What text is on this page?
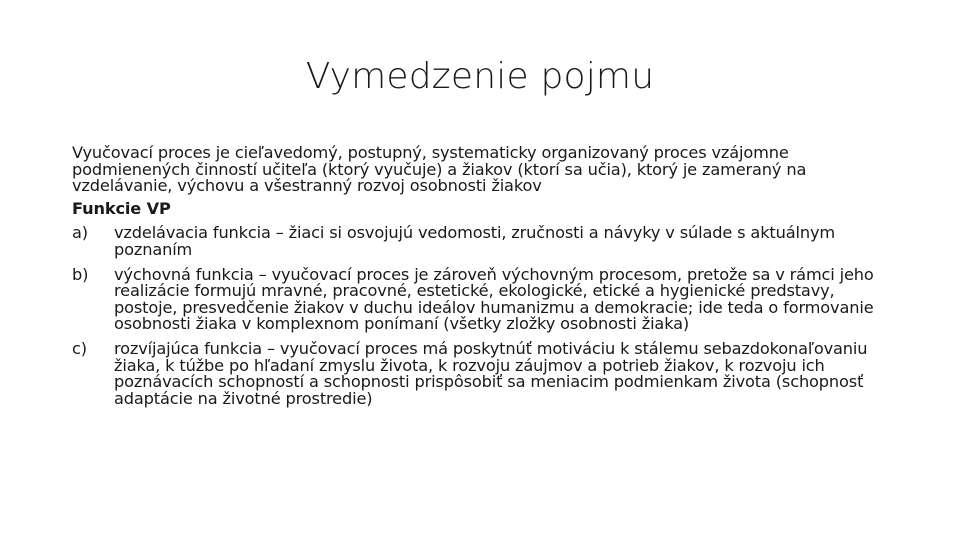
Vymedzenie pojmu

Vyučovací proces je cieľavedomý, postupný, systematicky organizovaný proces vzájomne podmienených činností učiteľa (ktorý vyučuje) a žiakov (ktorí sa učia), ktorý je zameraný na vzdelávanie, výchovu a všestranný rozvoj osobnosti žiakov

Funkcie VP

a)	vzdelávacia funkcia – žiaci si osvojujú vedomosti, zručnosti a návyky v súlade s aktuálnym poznaním
b)	výchovná funkcia – vyučovací proces je zároveň výchovným procesom, pretože sa v rámci jeho realizácie formujú mravné, pracovné, estetické, ekologické, etické a hygienické predstavy, postoje, presvedčenie žiakov v duchu ideálov humanizmu a demokracie; ide teda o formovanie osobnosti žiaka v komplexnom ponímaní (všetky zložky osobnosti žiaka)
c)	rozvíjajúca funkcia – vyučovací proces má poskytnúť motiváciu k stálemu sebazdokonaľovaniu žiaka, k túžbe po hľadaní zmyslu života, k rozvoju záujmov a potrieb žiakov, k rozvoju ich poznávacích schopností a schopnosti prispôsobiť sa meniacim podmienkam života (schopnosť adaptácie na životné prostredie)
